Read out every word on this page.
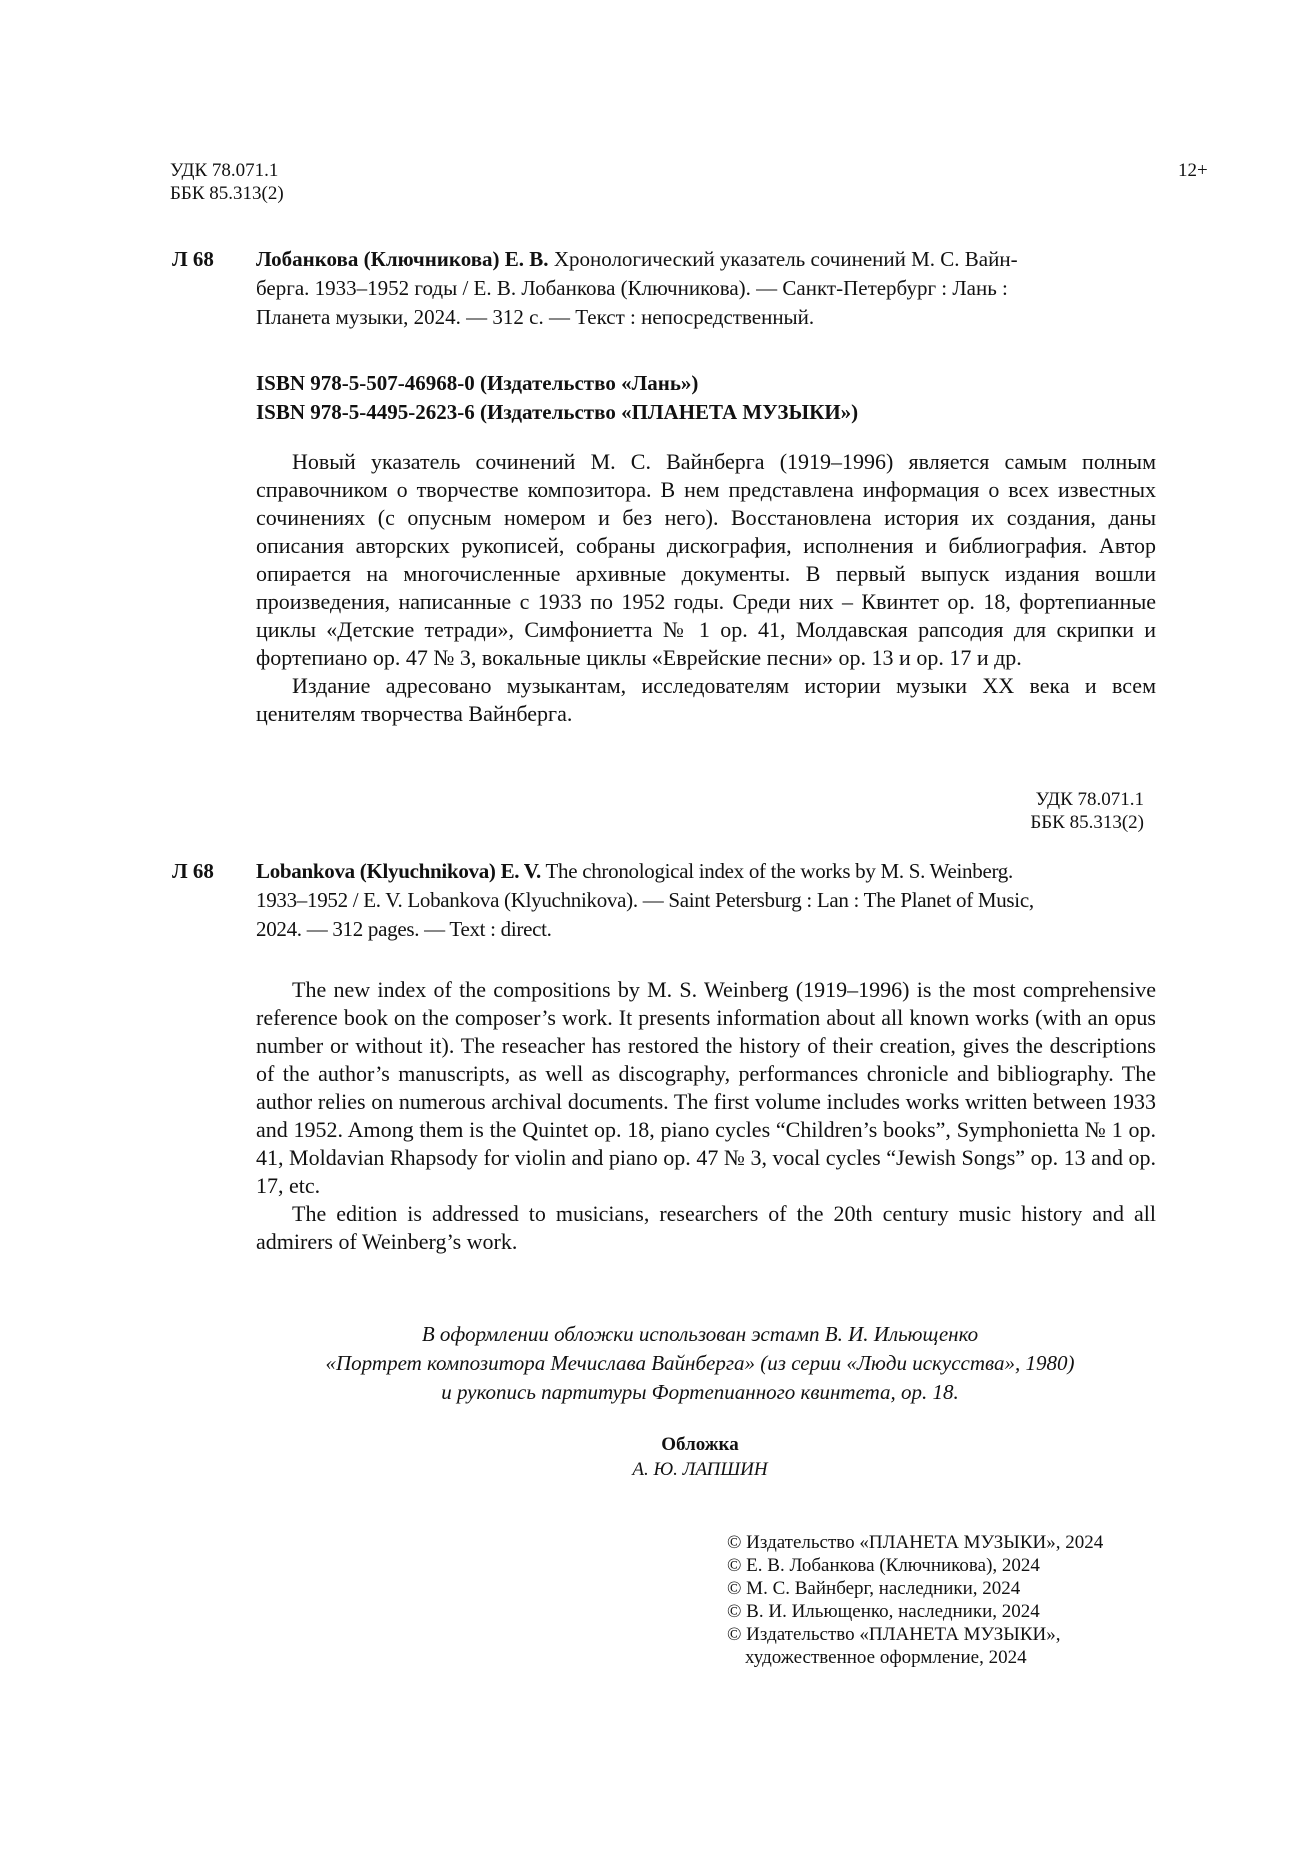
УДК 78.071.1
ББК 85.313(2)
12+
Л 68 Лобанкова (Ключникова) Е. В. Хронологический указатель сочинений М. С. Вайн-
берга. 1933–1952 годы / Е. В. Лобанкова (Ключникова). — Санкт-Петербург : Лань :
Планета музыки, 2024. — 312 с. — Текст : непосредственный.
ISBN 978-5-507-46968-0 (Издательство «Лань»)
ISBN 978-5-4495-2623-6 (Издательство «ПЛАНЕТА МУЗЫКИ»)

Новый указатель сочинений М. С. Вайнберга (1919–1996) является самым полным справочником о творчестве композитора. В нем представлена информация о всех известных сочинениях (с опусным номером и без него). Восстановлена история их создания, даны описания авторских рукописей, собраны дискография, исполнения и библиография. Автор опирается на многочисленные архивные документы. В первый выпуск издания вошли произведения, написанные с 1933 по 1952 годы. Среди них – Квинтет ор. 18, фортепианные циклы «Детские тетради», Симфониетта № 1 ор. 41, Молдавская рапсодия для скрипки и фортепиано ор. 47 № 3, вокальные циклы «Еврейские песни» ор. 13 и ор. 17 и др.

Издание адресовано музыкантам, исследователям истории музыки XX века и всем ценителям творчества Вайнберга.

УДК 78.071.1
ББК 85.313(2)
Л 68 Lobankova (Klyuchnikova) E. V. The chronological index of the works by M. S. Weinberg.
1933–1952 / E. V. Lobankova (Klyuchnikova). — Saint Petersburg : Lan : The Planet of Music,
2024. — 312 pages. — Text : direct.

The new index of the compositions by M. S. Weinberg (1919–1996) is the most comprehensive reference book on the composer’s work. It presents information about all known works (with an opus number or without it). The reseacher has restored the history of their creation, gives the descriptions of the author’s manuscripts, as well as discography, performances chronicle and bibliography. The author relies on numerous archival documents. The first volume includes works written between 1933 and 1952. Among them is the Quintet op. 18, piano cycles “Children’s books”, Symphonietta № 1 op. 41, Moldavian Rhapsody for violin and piano op. 47 № 3, vocal cycles “Jewish Songs” op. 13 and op. 17, etc.

The edition is addressed to musicians, researchers of the 20th century music history and all admirers of Weinberg’s work.

В оформлении обложки использован эстамп В. И. Ильющенко
«Портрет композитора Мечислава Вайнберга» (из серии «Люди искусства», 1980)
и рукопись партитуры Фортепианного квинтета, ор. 18.
Обложка
А. Ю. ЛАПШИН
© Издательство «ПЛАНЕТА МУЗЫКИ», 2024
© Е. В. Лобанкова (Ключникова), 2024
© М. С. Вайнберг, наследники, 2024
© В. И. Ильющенко, наследники, 2024
© Издательство «ПЛАНЕТА МУЗЫКИ»,
художественное оформление, 2024
